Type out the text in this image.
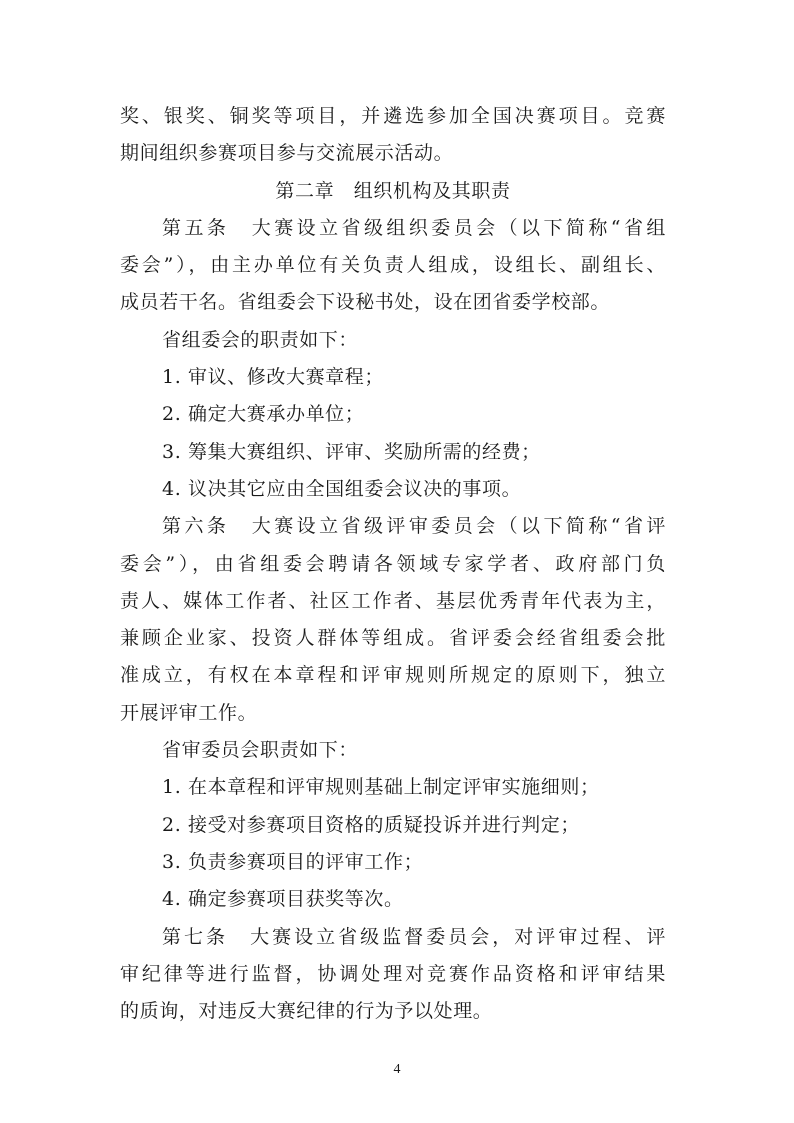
奖、银奖、铜奖等项目，并遴选参加全国决赛项目。竞赛
期间组织参赛项目参与交流展示活动。
第二章　组织机构及其职责
第五条　大赛设立省级组织委员会（以下简称“省组
委会”），由主办单位有关负责人组成，设组长、副组长、
成员若干名。省组委会下设秘书处，设在团省委学校部。
省组委会的职责如下：
1. 审议、修改大赛章程；
2. 确定大赛承办单位；
3. 筹集大赛组织、评审、奖励所需的经费；
4. 议决其它应由全国组委会议决的事项。
第六条　大赛设立省级评审委员会（以下简称“省评
委会”），由省组委会聘请各领域专家学者、政府部门负
责人、媒体工作者、社区工作者、基层优秀青年代表为主，
兼顾企业家、投资人群体等组成。省评委会经省组委会批
准成立，有权在本章程和评审规则所规定的原则下，独立
开展评审工作。
省审委员会职责如下：
1. 在本章程和评审规则基础上制定评审实施细则；
2. 接受对参赛项目资格的质疑投诉并进行判定；
3. 负责参赛项目的评审工作；
4. 确定参赛项目获奖等次。
第七条　大赛设立省级监督委员会，对评审过程、评
审纪律等进行监督，协调处理对竞赛作品资格和评审结果
的质询，对违反大赛纪律的行为予以处理。
4
